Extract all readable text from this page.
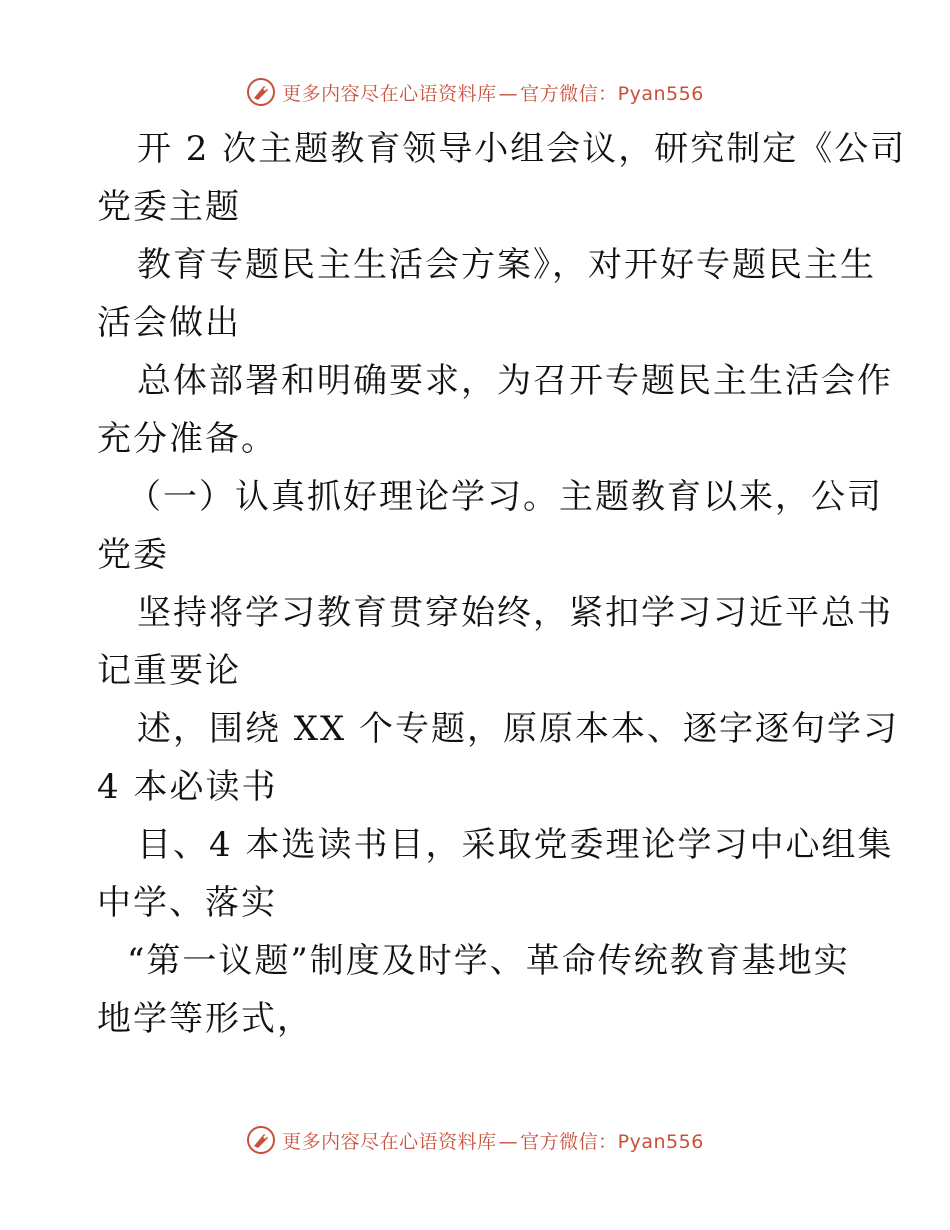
更多内容尽在心语资料库 — 官方微信：Pyan556
开 2 次主题教育领导小组会议，研究制定《公司
党委主题
教育专题民主生活会方案》，对开好专题民主生
活会做出
总体部署和明确要求，为召开专题民主生活会作
充分准备。
（一）认真抓好理论学习。主题教育以来，公司
党委
坚持将学习教育贯穿始终，紧扣学习习近平总书
记重要论
述，围绕 XX 个专题，原原本本、逐字逐句学习
4 本必读书
目、4 本选读书目，采取党委理论学习中心组集
中学、落实
“第一议题”制度及时学、革命传统教育基地实
地学等形式，
更多内容尽在心语资料库 — 官方微信：Pyan556
